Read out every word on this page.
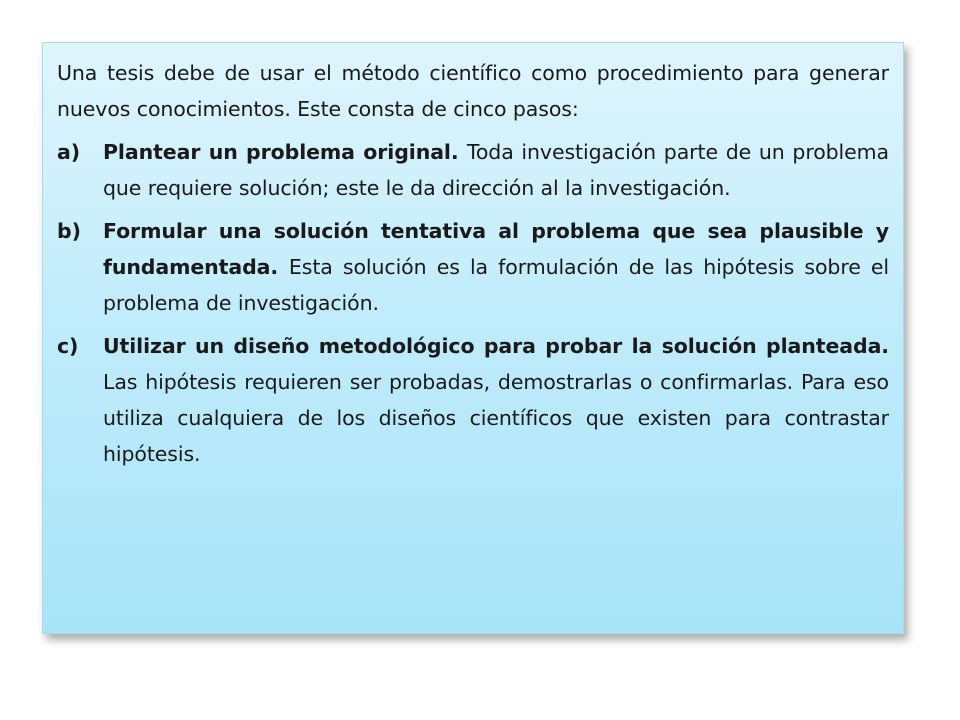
Una tesis debe de usar el método científico como procedimiento para generar nuevos conocimientos. Este consta de cinco pasos:

a)	Plantear un problema original. Toda investigación parte de un problema que requiere solución; este le da dirección al la investigación.
b)	Formular una solución tentativa al problema que sea plausible y fundamentada. Esta solución es la formulación de las hipótesis sobre el problema de investigación.
c)	Utilizar un diseño metodológico para probar la solución planteada. Las hipótesis requieren ser probadas, demostrarlas o confirmarlas. Para eso utiliza cualquiera de los diseños científicos que existen para contrastar hipótesis.
